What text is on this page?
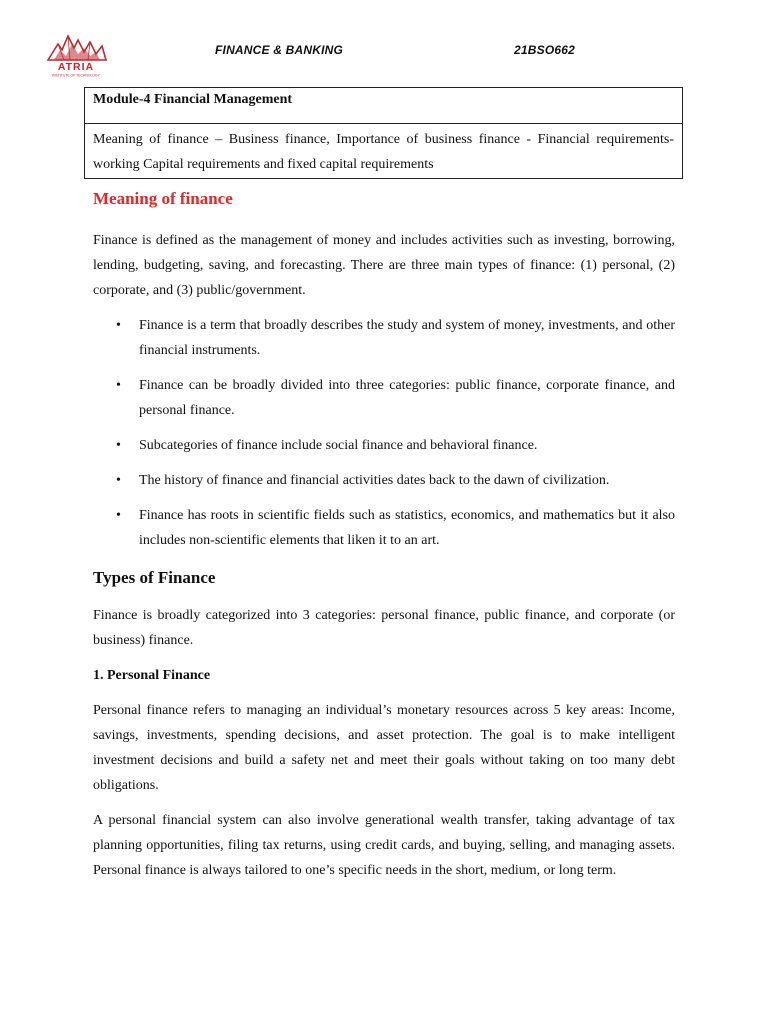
ATRIA
INSTITUTE OF TECHNOLOGY
FINANCE & BANKING	21BSO662
Module-4 Financial Management
Meaning of finance – Business finance, Importance of business finance - Financial requirements- working Capital requirements and fixed capital requirements
Meaning of finance

Finance is defined as the management of money and includes activities such as investing, borrowing, lending, budgeting, saving, and forecasting. There are three main types of finance: (1) personal, (2) corporate, and (3) public/government.

• Finance is a term that broadly describes the study and system of money, investments, and other financial instruments.
• Finance can be broadly divided into three categories: public finance, corporate finance, and personal finance.
• Subcategories of finance include social finance and behavioral finance.
• The history of finance and financial activities dates back to the dawn of civilization.
• Finance has roots in scientific fields such as statistics, economics, and mathematics but it also includes non-scientific elements that liken it to an art.
Types of Finance

Finance is broadly categorized into 3 categories: personal finance, public finance, and corporate (or business) finance.

1. Personal Finance

Personal finance refers to managing an individual’s monetary resources across 5 key areas: Income, savings, investments, spending decisions, and asset protection. The goal is to make intelligent investment decisions and build a safety net and meet their goals without taking on too many debt obligations.

A personal financial system can also involve generational wealth transfer, taking advantage of tax planning opportunities, filing tax returns, using credit cards, and buying, selling, and managing assets. Personal finance is always tailored to one’s specific needs in the short, medium, or long term.
